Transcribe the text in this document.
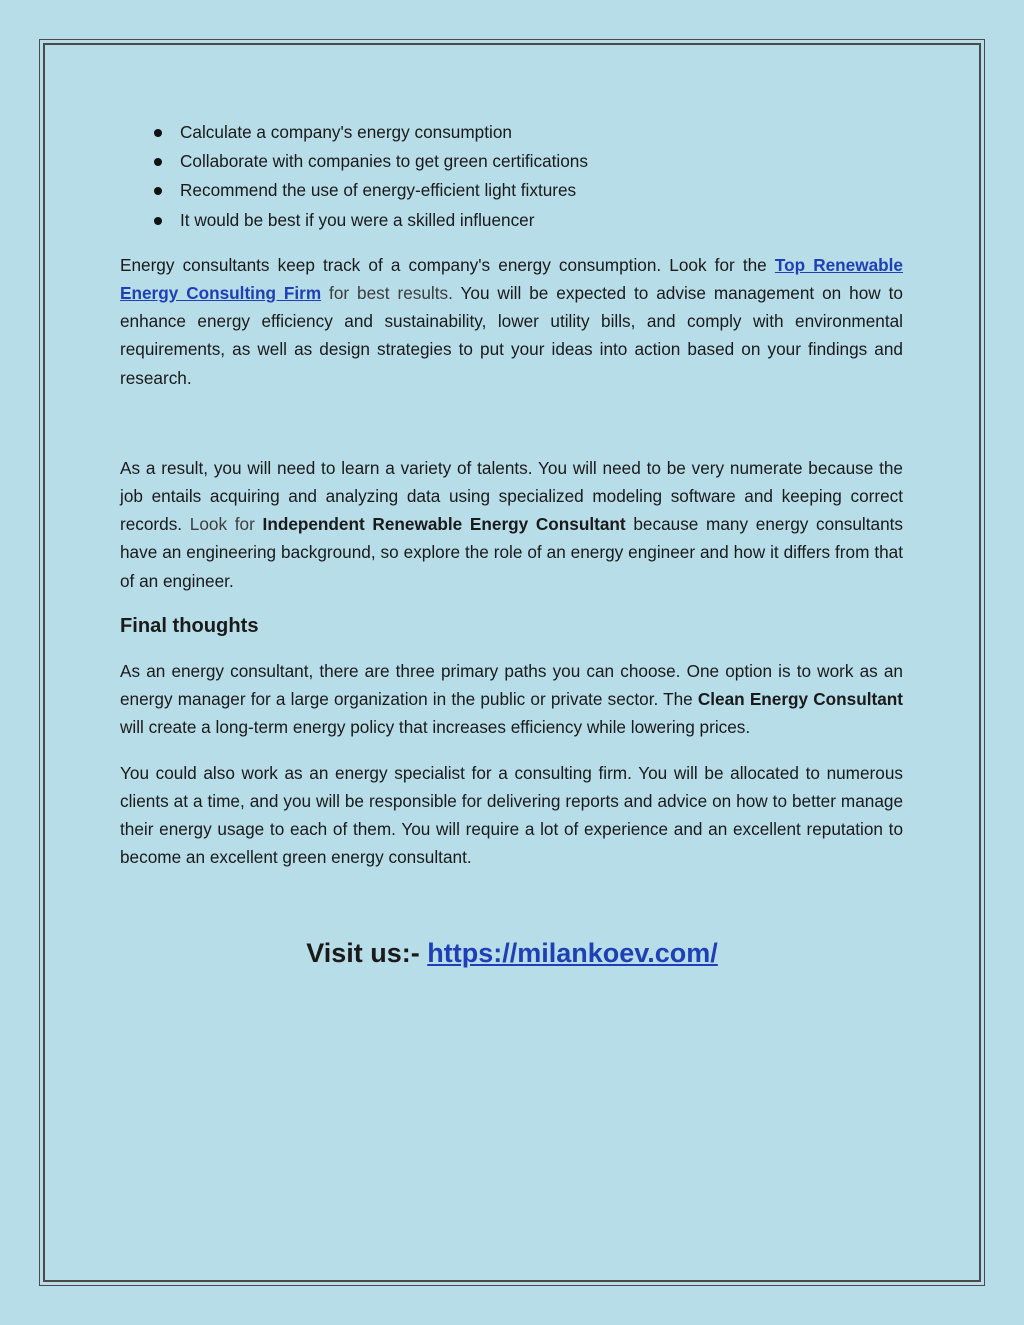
Calculate a company's energy consumption
Collaborate with companies to get green certifications
Recommend the use of energy-efficient light fixtures
It would be best if you were a skilled influencer

Energy consultants keep track of a company's energy consumption. Look for the Top Renewable Energy Consulting Firm for best results. You will be expected to advise management on how to enhance energy efficiency and sustainability, lower utility bills, and comply with environmental requirements, as well as design strategies to put your ideas into action based on your findings and research.

As a result, you will need to learn a variety of talents. You will need to be very numerate because the job entails acquiring and analyzing data using specialized modeling software and keeping correct records. Look for Independent Renewable Energy Consultant because many energy consultants have an engineering background, so explore the role of an energy engineer and how it differs from that of an engineer.

Final thoughts

As an energy consultant, there are three primary paths you can choose. One option is to work as an energy manager for a large organization in the public or private sector. The Clean Energy Consultant will create a long-term energy policy that increases efficiency while lowering prices.

You could also work as an energy specialist for a consulting firm. You will be allocated to numerous clients at a time, and you will be responsible for delivering reports and advice on how to better manage their energy usage to each of them. You will require a lot of experience and an excellent reputation to become an excellent green energy consultant.

Visit us:- https://milankoev.com/
